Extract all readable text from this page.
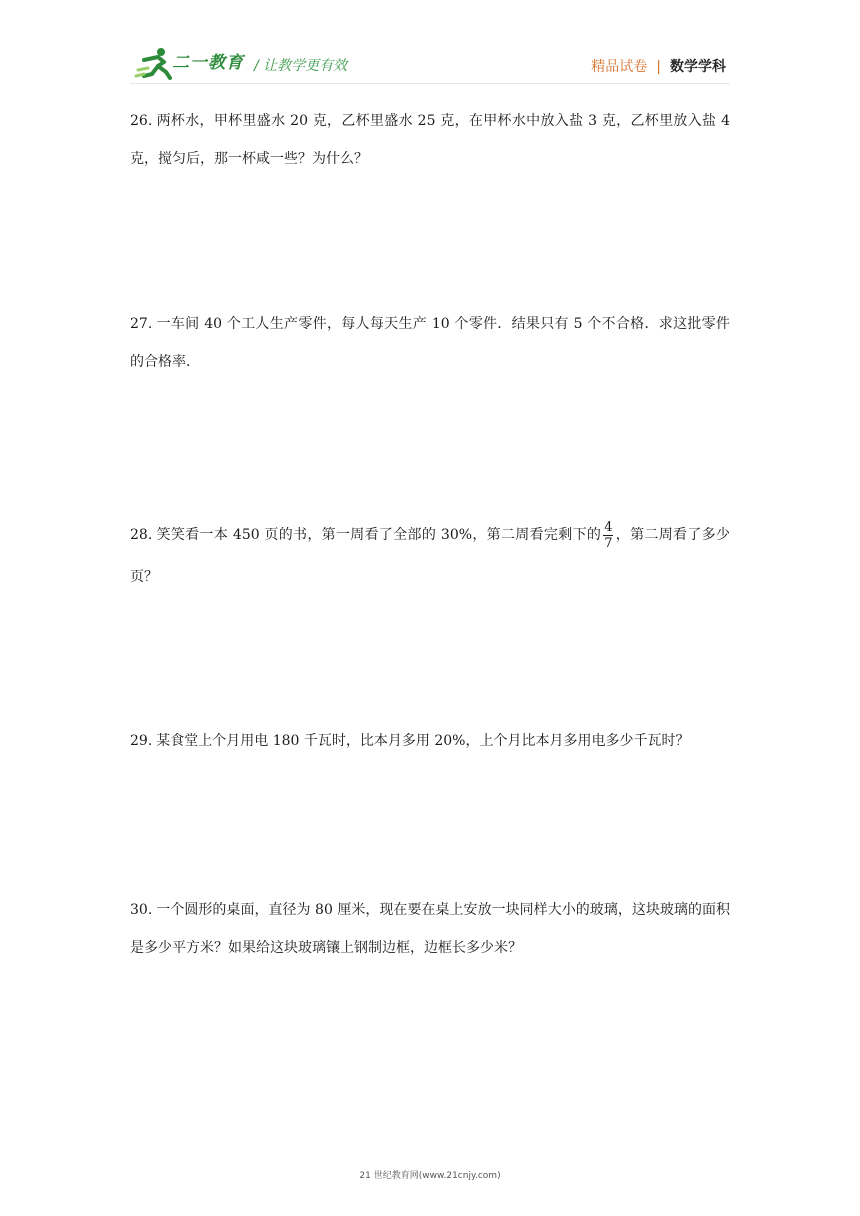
二一教育 / 让教学更有效	精品试卷 | 数学学科
26. 两杯水，甲杯里盛水 20 克，乙杯里盛水 25 克，在甲杯水中放入盐 3 克，乙杯里放入盐 4 克，搅匀后，那一杯咸一些？为什么？
27. 一车间 40 个工人生产零件，每人每天生产 10 个零件．结果只有 5 个不合格．求这批零件的合格率．
28. 笑笑看一本 450 页的书，第一周看了全部的 30%，第二周看完剩下的 $\frac{4}{7}$ ，第二周看了多少页？
29. 某食堂上个月用电 180 千瓦时，比本月多用 20%，上个月比本月多用电多少千瓦时？
30. 一个圆形的桌面，直径为 80 厘米，现在要在桌上安放一块同样大小的玻璃，这块玻璃的面积是多少平方米？如果给这块玻璃镶上钢制边框，边框长多少米？
21 世纪教育网(www.21cnjy.com)
